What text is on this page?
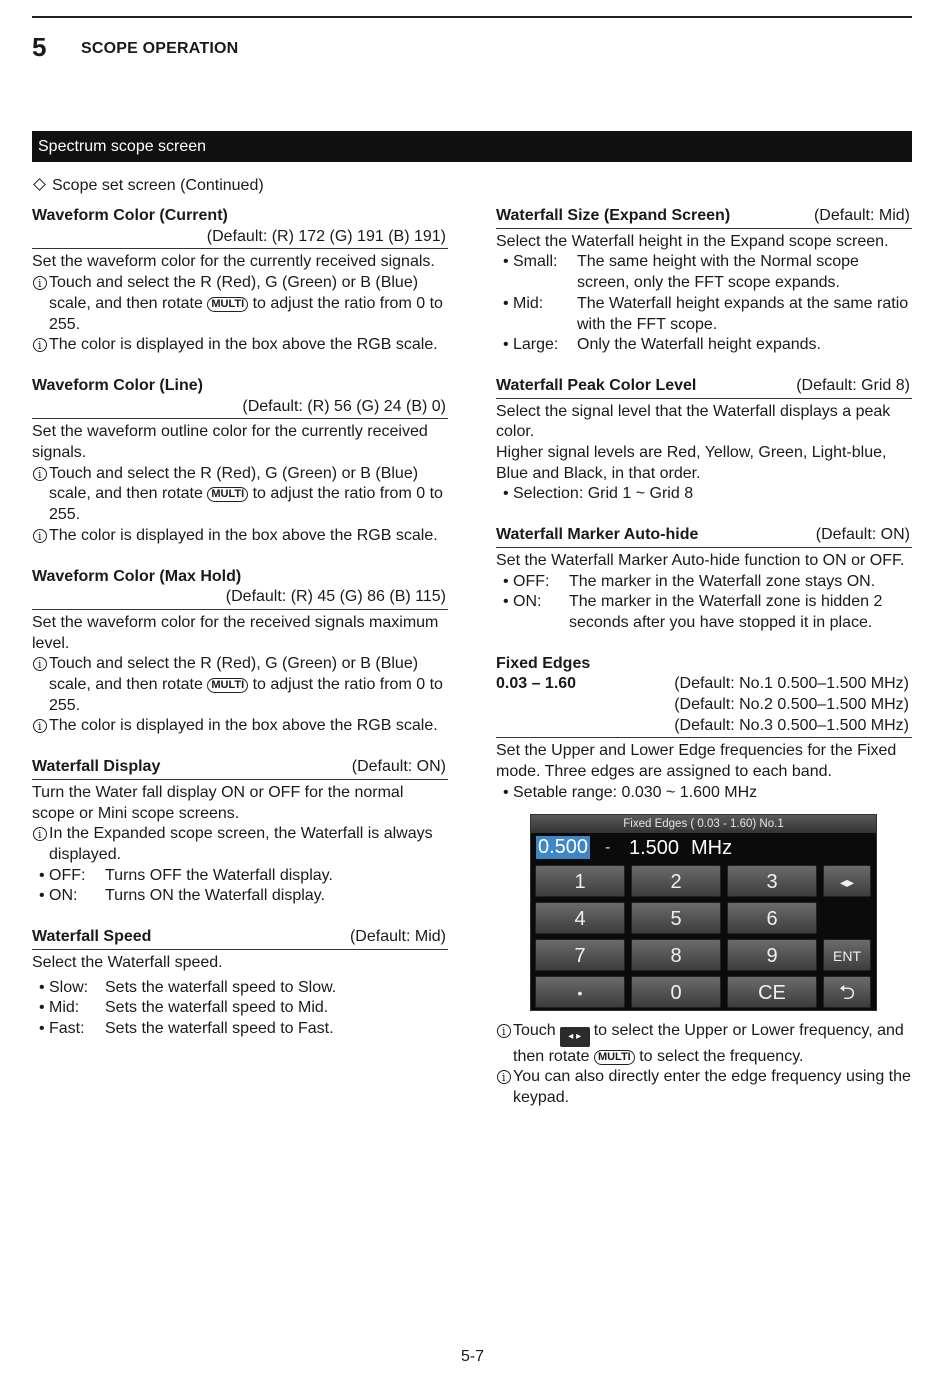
5 SCOPE OPERATION
Spectrum scope screen
Scope set screen (Continued)
Waveform Color (Current)
(Default: (R) 172 (G) 191 (B) 191)
Set the waveform color for the currently received signals.
i
Touch and select the R (Red), G (Green) or B (Blue) scale, and then rotate MULTI to adjust the ratio from 0 to 255.
i
The color is displayed in the box above the RGB scale.
Waveform Color (Line)
(Default: (R) 56 (G) 24 (B) 0)
Set the waveform outline color for the currently received signals.
i
Touch and select the R (Red), G (Green) or B (Blue) scale, and then rotate MULTI to adjust the ratio from 0 to 255.
i
The color is displayed in the box above the RGB scale.
Waveform Color (Max Hold)
(Default: (R) 45 (G) 86 (B) 115)
Set the waveform color for the received signals maximum level.
i
Touch and select the R (Red), G (Green) or B (Blue) scale, and then rotate MULTI to adjust the ratio from 0 to 255.
i
The color is displayed in the box above the RGB scale.
Waterfall Display	(Default: ON)
Turn the Water fall display ON or OFF for the normal scope or Mini scope screens.
i
In the Expanded scope screen, the Waterfall is always displayed.
• OFF:	Turns OFF the Waterfall display.
• ON:	Turns ON the Waterfall display.
Waterfall Speed	(Default: Mid)
Select the Waterfall speed.
• Slow:	Sets the waterfall speed to Slow.
• Mid:	Sets the waterfall speed to Mid.
• Fast:	Sets the waterfall speed to Fast.
Waterfall Size (Expand Screen)	(Default: Mid)
Select the Waterfall height in the Expand scope screen.
• Small:	The same height with the Normal scope screen, only the FFT scope expands.
• Mid:	The Waterfall height expands at the same ratio with the FFT scope.
• Large:	Only the Waterfall height expands.
Waterfall Peak Color Level	(Default: Grid 8)
Select the signal level that the Waterfall displays a peak color.
Higher signal levels are Red, Yellow, Green, Light-blue, Blue and Black, in that order.
• Selection: Grid 1 ~ Grid 8
Waterfall Marker Auto-hide	(Default: ON)
Set the Waterfall Marker Auto-hide function to ON or OFF.
• OFF:	The marker in the Waterfall zone stays ON.
• ON:	The marker in the Waterfall zone is hidden 2 seconds after you have stopped it in place.
Fixed Edges
0.03 – 1.60	(Default: No.1 0.500–1.500 MHz)
(Default: No.2 0.500–1.500 MHz)
(Default: No.3 0.500–1.500 MHz)
Set the Upper and Lower Edge frequencies for the Fixed mode. Three edges are assigned to each band.
• Setable range: 0.030 ~ 1.600 MHz
Fixed Edges ( 0.03 - 1.60) No.1
0.500 - 1.500 MHz
1	2	3	◂▸
4	5	6
7	8	9	ENT
•	0	CE	⮌
i
Touch ◂ ▸ to select the Upper or Lower frequency, and then rotate MULTI to select the frequency.
i
You can also directly enter the edge frequency using the keypad.
5-7
